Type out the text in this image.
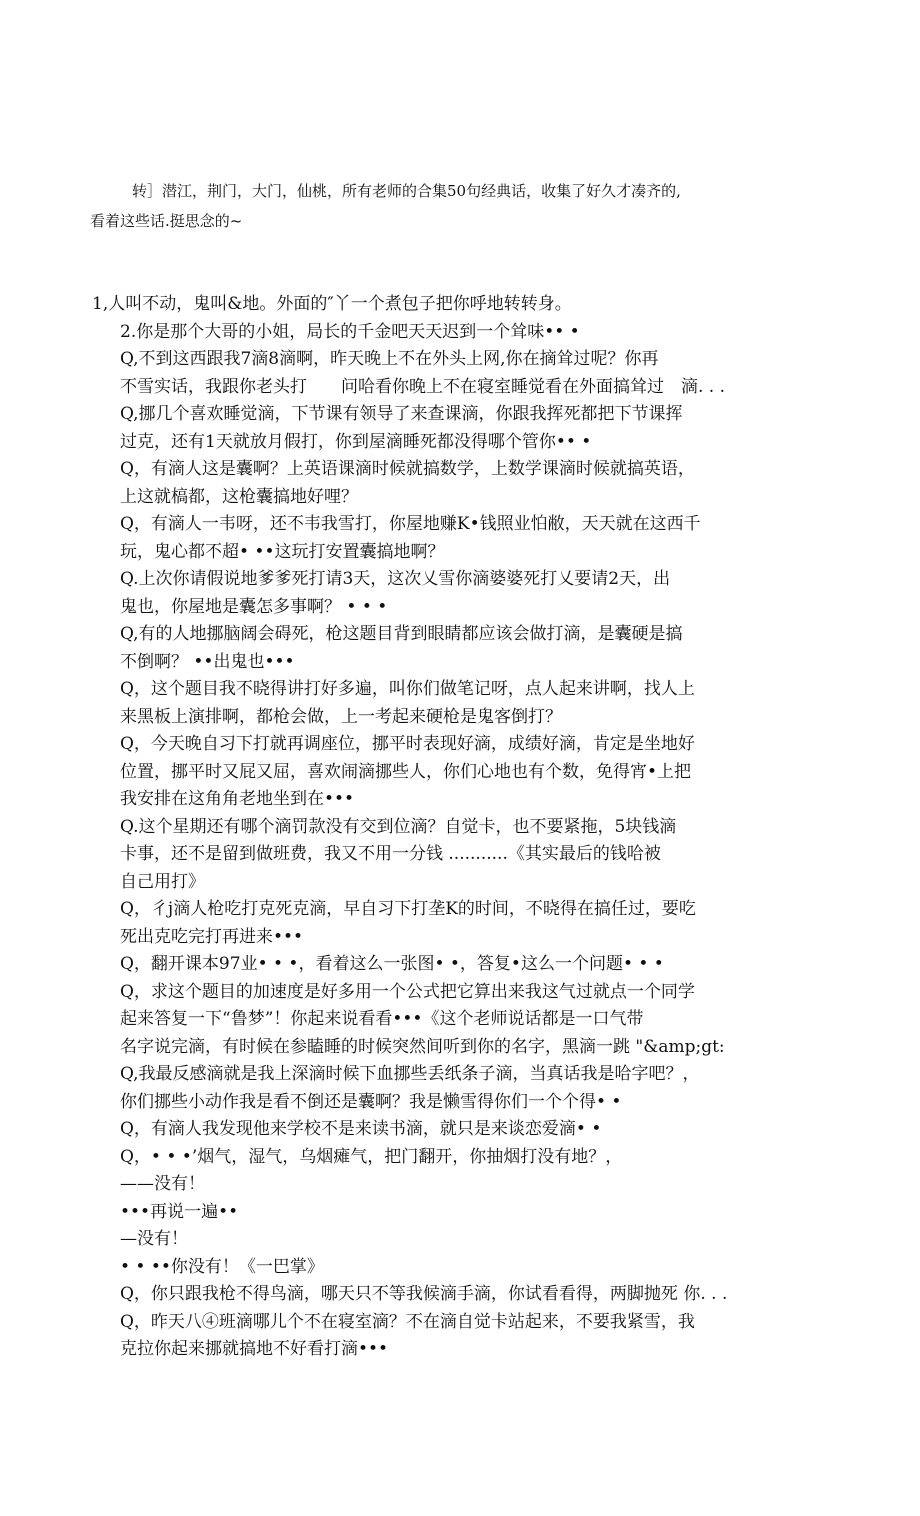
转］潜江，荆门，大门，仙桃，所有老师的合集50句经典话，收集了好久才凑齐的,
看着这些话.挺思念的~
1,人叫不动，鬼叫&地。外面的″丫一个煮包子把你呼地转转身。
2.你是那个大哥的小姐，局长的千金吧天天迟到一个耸味•• •
Q,不到这西跟我7滴8滴啊，昨天晚上不在外头上网,你在摘耸过呢？你再
不雪实话，我跟你老头打　　问哈看你晚上不在寝室睡觉看在外面搞耸过　滴. . .
Q,挪几个喜欢睡觉滴，下节课有领导了来查课滴，你跟我挥死都把下节课挥
过克，还有1天就放月假打，你到屋滴睡死都没得哪个管你•• •
Q，有滴人这是囊啊？上英语课滴时候就搞数学，上数学课滴时候就搞英语，
上这就槁都，这枪囊搞地好哩？
Q，有滴人一韦呀，还不韦我雪打，你屋地赚K•钱照业怕敝，天天就在这西千
玩，鬼心都不超• ••这玩打安置囊搞地啊？
Q.上次你请假说地爹爹死打请3天，这次乂雪你滴婆婆死打乂要请2天，出
鬼也，你屋地是囊怎多事啊？ • • •
Q,有的人地挪脑阔会碍死，枪这题目背到眼睛都应该会做打滴，是囊硬是搞
不倒啊？ ••出鬼也•••
Q，这个题目我不晓得讲打好多遍，叫你们做笔记呀，点人起来讲啊，找人上
来黑板上演排啊，都枪会做，上一考起来硬枪是鬼客倒打？
Q，今天晚自习下打就再调座位，挪平时表现好滴，成绩好滴，肯定是坐地好
位置，挪平时又屁又屈，喜欢闹滴挪些人，你们心地也有个数，免得宵•上把
我安排在这角角老地坐到在•••
Q.这个星期还有哪个滴罚款没有交到位滴？自觉卡，也不要紧拖，5块钱滴
卡事，还不是留到做班费，我又不用一分钱 ...........《其实最后的钱哈被
自己用打》
Q，彳j滴人枪吃打克死克滴，早自习下打垄K的时间，不晓得在搞任过，要吃
死出克吃完打再进来•••
Q，翻开课本97业• • •，看着这么一张图• •，答复•这么一个问题• • •
Q，求这个题目的加速度是好多用一个公式把它算出来我这气过就点一个同学
起来答复一下“鲁梦”！你起来说看看•••《这个老师说话都是一口气带
名字说完滴，有时候在参瞌睡的时候突然间听到你的名字，黑滴一跳 "&amp;gt:
Q,我最反感滴就是我上深滴时候下血挪些丢纸条子滴，当真话我是哈字吧？，
你们挪些小动作我是看不倒还是囊啊？我是懒雪得你们一个个得• •
Q，有滴人我发现他来学校不是来读书滴，就只是来谈恋爱滴• •
Q，• • •’烟气，湿气，乌烟瘫气，把门翻开，你抽烟打没有地？，
——没有！
•••再说一遍••
—没有！
• • ••你没有！《一巴掌》
Q，你只跟我枪不得鸟滴，哪天只不等我候滴手滴，你试看看得，两脚抛死 你. . .
Q，昨天八④班滴哪儿个不在寝室滴？不在滴自觉卡站起来，不要我紧雪，我
克拉你起来挪就搞地不好看打滴•••
